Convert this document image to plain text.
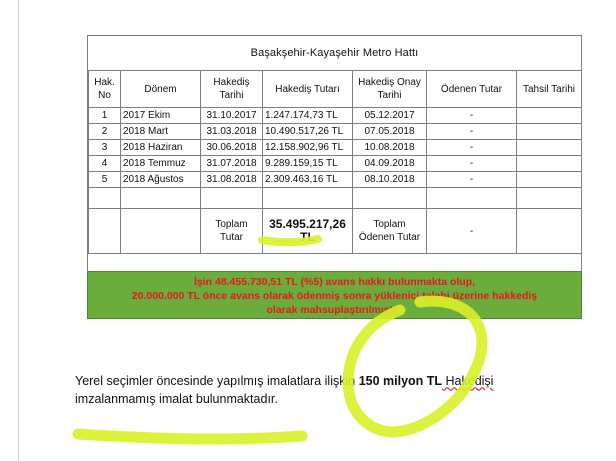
Başakşehir-Kayaşehir Metro Hattı
Hak. No	Dönem	Hakediş Tarihi	Hakediş Tutarı	Hakediş Onay Tarihi	Ödenen Tutar	Tahsil Tarihi
1	2017 Ekim	31.10.2017	1.247.174,73 TL	05.12.2017	-	
2	2018 Mart	31.03.2018	10.490.517,26 TL	07.05.2018	-	
3	2018 Haziran	30.06.2018	12.158.902,96 TL	10.08.2018	-	
4	2018 Temmuz	31.07.2018	9.289.159,15 TL	04.09.2018	-	
5	2018 Ağustos	31.08.2018	2.309.463,16 TL	08.10.2018	-	

		Toplam Tutar	35.495.217,26 TL	Toplam Ödenen Tutar	-	
İşin 48.455.730,51 TL (%5) avans hakkı bulunmakta olup,
20.000.000 TL önce avans olarak ödenmiş sonra yüklenici talebi üzerine hakkediş
olarak mahsuplaştırılmıştır.
Yerel seçimler öncesinde yapılmış imalatlara ilişkin 150 milyon TL Hakedişi
imzalanmamış imalat bulunmaktadır.
